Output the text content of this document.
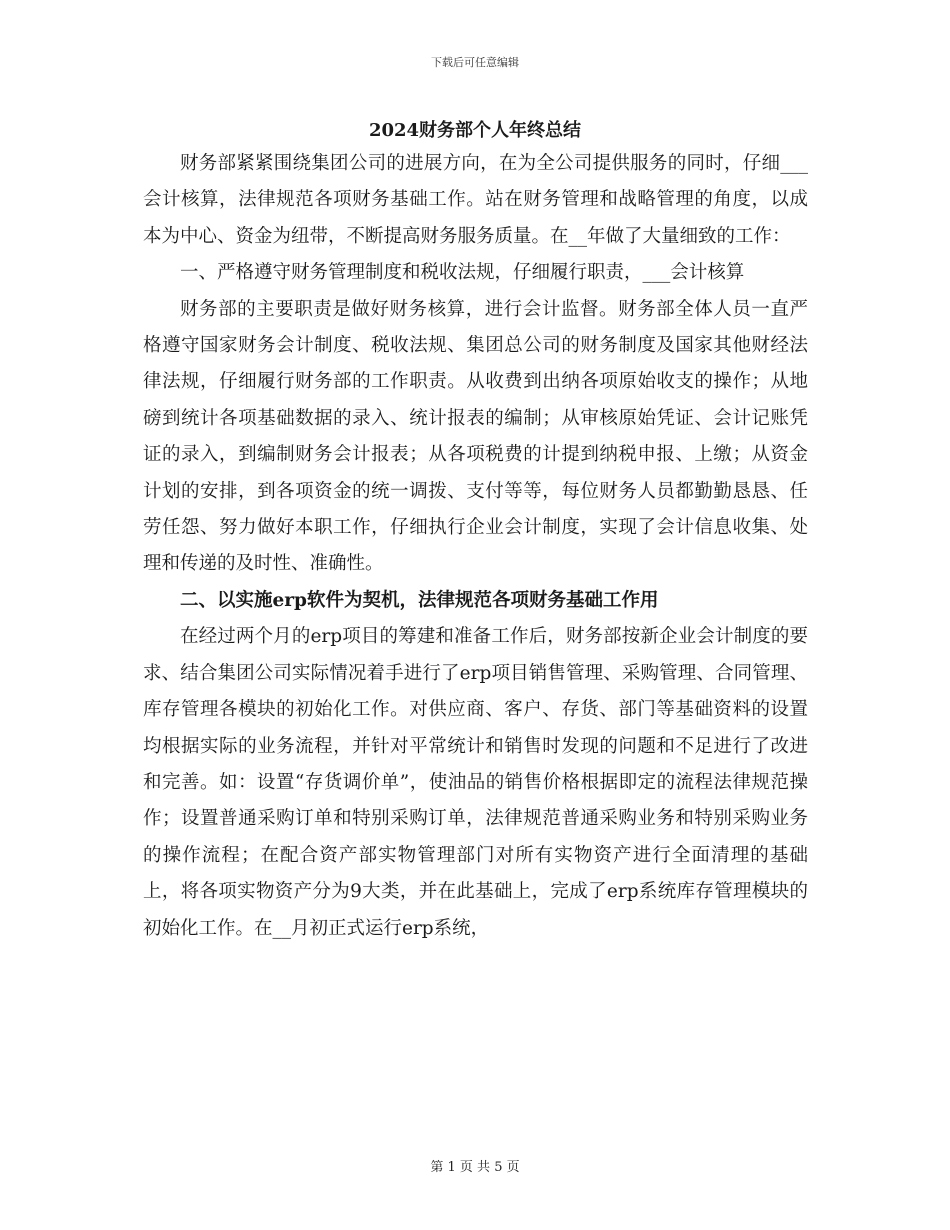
下载后可任意编辑
2024财务部个人年终总结

财务部紧紧围绕集团公司的进展方向，在为全公司提供服务的同时，仔细___会计核算，法律规范各项财务基础工作。站在财务管理和战略管理的角度，以成本为中心、资金为纽带，不断提高财务服务质量。在__年做了大量细致的工作：

一、严格遵守财务管理制度和税收法规，仔细履行职责，___会计核算

财务部的主要职责是做好财务核算，进行会计监督。财务部全体人员一直严格遵守国家财务会计制度、税收法规、集团总公司的财务制度及国家其他财经法律法规，仔细履行财务部的工作职责。从收费到出纳各项原始收支的操作；从地磅到统计各项基础数据的录入、统计报表的编制；从审核原始凭证、会计记账凭证的录入，到编制财务会计报表；从各项税费的计提到纳税申报、上缴；从资金计划的安排，到各项资金的统一调拨、支付等等，每位财务人员都勤勤恳恳、任劳任怨、努力做好本职工作，仔细执行企业会计制度，实现了会计信息收集、处理和传递的及时性、准确性。

二、以实施erp软件为契机，法律规范各项财务基础工作用

在经过两个月的erp项目的筹建和准备工作后，财务部按新企业会计制度的要求、结合集团公司实际情况着手进行了erp项目销售管理、采购管理、合同管理、库存管理各模块的初始化工作。对供应商、客户、存货、部门等基础资料的设置均根据实际的业务流程，并针对平常统计和销售时发现的问题和不足进行了改进和完善。如：设置“存货调价单”，使油品的销售价格根据即定的流程法律规范操作；设置普通采购订单和特别采购订单，法律规范普通采购业务和特别采购业务的操作流程；在配合资产部实物管理部门对所有实物资产进行全面清理的基础上，将各项实物资产分为9大类，并在此基础上，完成了erp系统库存管理模块的初始化工作。在__月初正式运行erp系统，

第 1 页 共 5 页
